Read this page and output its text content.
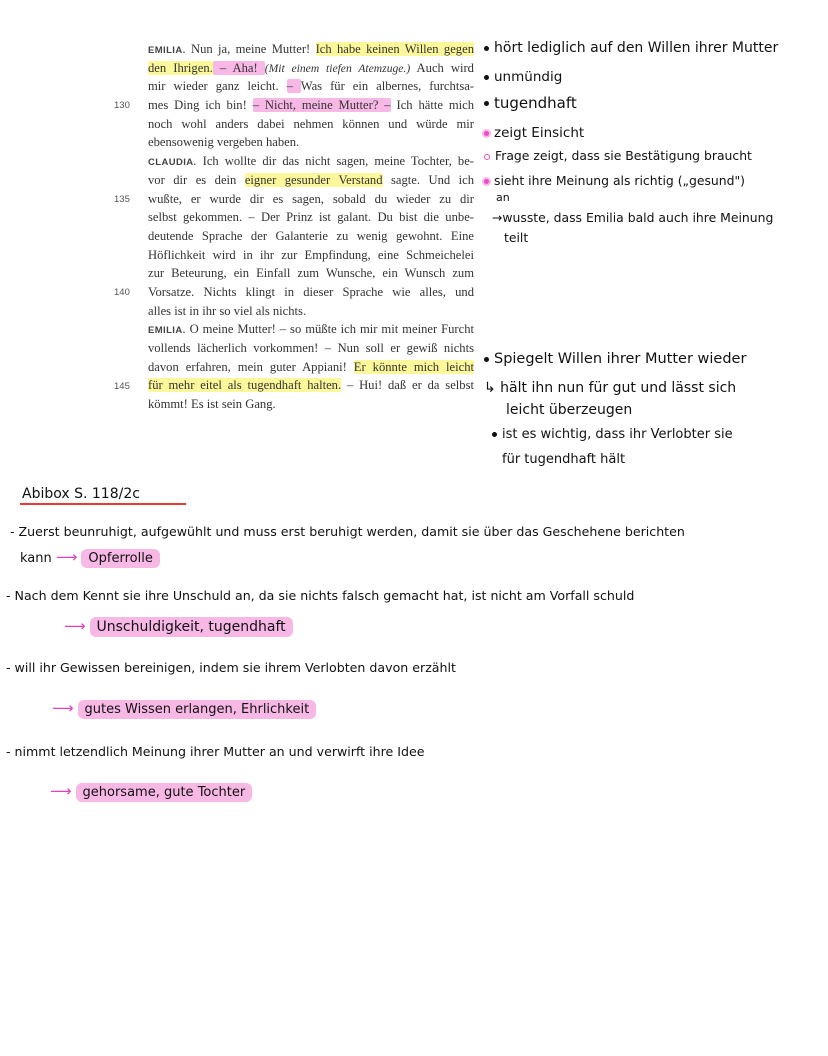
EMILIA. Nun ja, meine Mutter! Ich habe keinen Willen gegen
den Ihrigen. – Aha! (Mit einem tiefen Atemzuge.) Auch wird
mir wieder ganz leicht. – Was für ein albernes, furchtsa-
mes Ding ich bin! – Nicht, meine Mutter? – Ich hätte mich
noch wohl anders dabei nehmen können und würde mir
ebensowenig vergeben haben.
CLAUDIA. Ich wollte dir das nicht sagen, meine Tochter, be-
vor dir es dein eigner gesunder Verstand sagte. Und ich
wußte, er wurde dir es sagen, sobald du wieder zu dir
selbst gekommen. – Der Prinz ist galant. Du bist die unbe-
deutende Sprache der Galanterie zu wenig gewohnt. Eine
Höflichkeit wird in ihr zur Empfindung, eine Schmeichelei
zur Beteurung, ein Einfall zum Wunsche, ein Wunsch zum
Vorsatze. Nichts klingt in dieser Sprache wie alles, und
alles ist in ihr so viel als nichts.
EMILIA. O meine Mutter! – so müßte ich mir mit meiner Furcht
vollends lächerlich vorkommen! – Nun soll er gewiß nichts
davon erfahren, mein guter Appiani! Er könnte mich leicht
für mehr eitel als tugendhaft halten. – Hui! daß er da selbst
kömmt! Es ist sein Gang.
130
135
140
145
hört lediglich auf den Willen ihrer Mutter
unmündig
tugendhaft
zeigt Einsicht
Frage zeigt, dass sie Bestätigung braucht
sieht ihre Meinung als richtig („gesund")
an
→wusste, dass Emilia bald auch ihre Meinung
teilt
Spiegelt Willen ihrer Mutter wieder
↳ hält ihn nun für gut und lässt sich
leicht überzeugen
ist es wichtig, dass ihr Verlobter sie
für tugendhaft hält
Abibox S. 118/2c
- Zuerst beunruhigt, aufgewühlt und muss erst beruhigt werden, damit sie über das Geschehene berichten
kann ⟶ Opferrolle
- Nach dem Kennt sie ihre Unschuld an, da sie nichts falsch gemacht hat, ist nicht am Vorfall schuld
⟶ Unschuldigkeit, tugendhaft
- will ihr Gewissen bereinigen, indem sie ihrem Verlobten davon erzählt
⟶ gutes Wissen erlangen, Ehrlichkeit
- nimmt letzendlich Meinung ihrer Mutter an und verwirft ihre Idee
⟶ gehorsame, gute Tochter
